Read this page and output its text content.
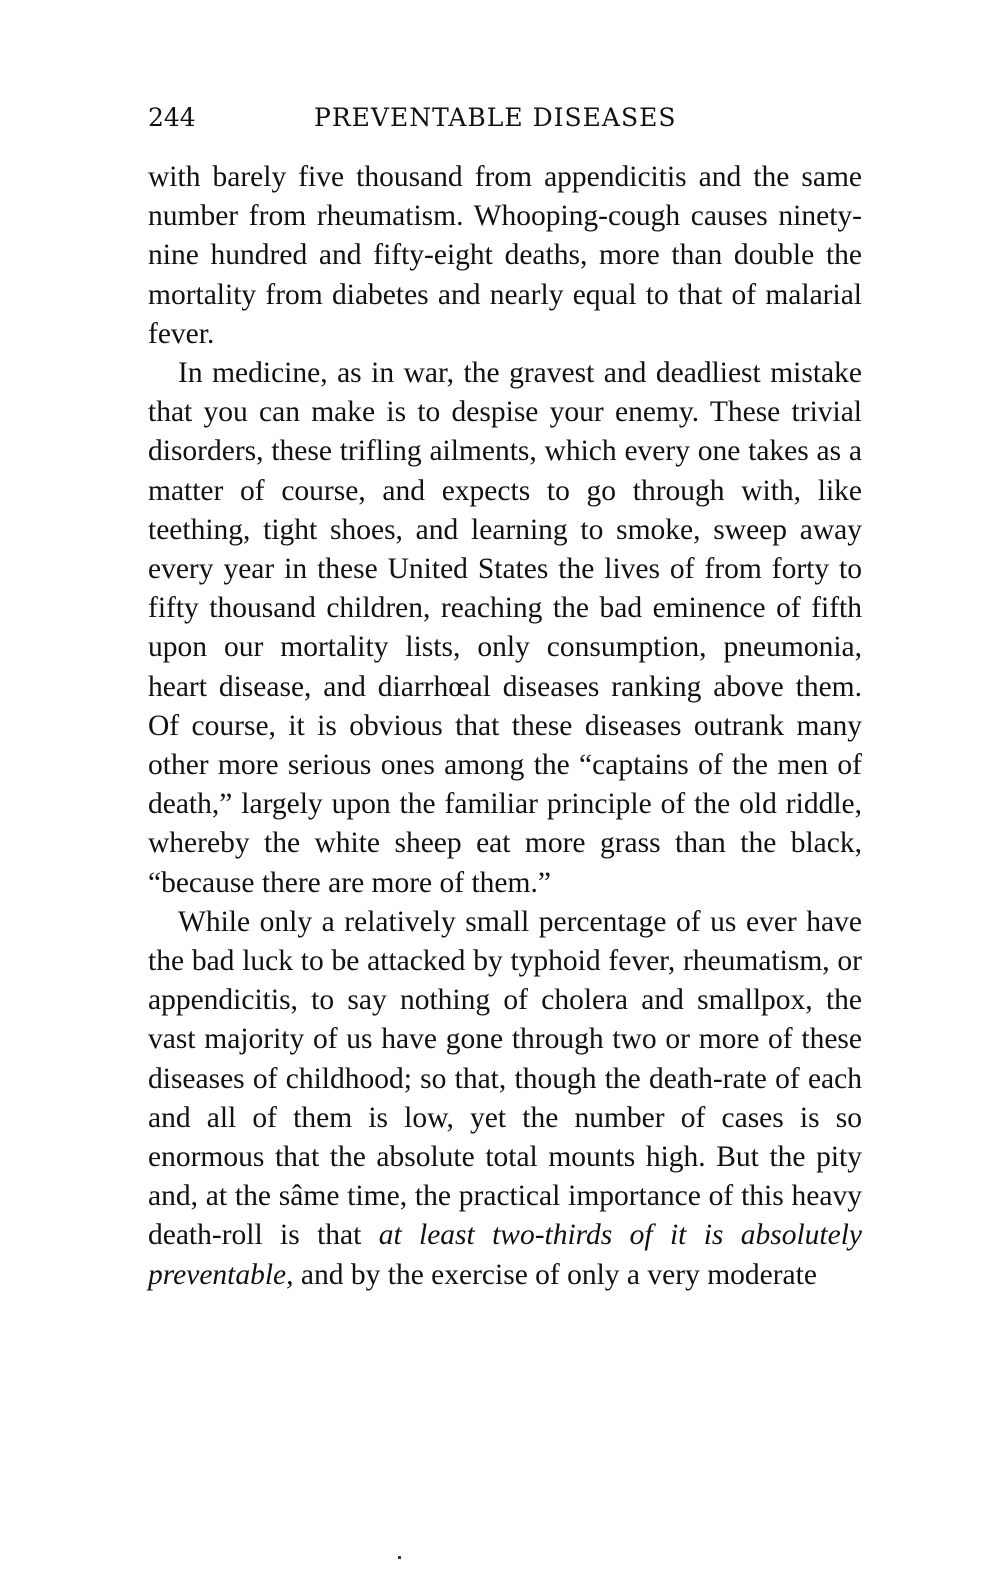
244	PREVENTABLE DISEASES

with barely five thousand from appendicitis and the same number from rheumatism. Whooping-cough causes ninety-nine hundred and fifty-eight deaths, more than double the mortality from diabetes and nearly equal to that of malarial fever.

In medicine, as in war, the gravest and deadliest mistake that you can make is to despise your enemy. These trivial disorders, these trifling ailments, which every one takes as a matter of course, and expects to go through with, like teething, tight shoes, and learning to smoke, sweep away every year in these United States the lives of from forty to fifty thousand children, reaching the bad eminence of fifth upon our mortality lists, only consumption, pneumonia, heart disease, and diarrhœal diseases ranking above them. Of course, it is obvious that these diseases outrank many other more serious ones among the “captains of the men of death,” largely upon the familiar principle of the old riddle, whereby the white sheep eat more grass than the black, “because there are more of them.”

While only a relatively small percentage of us ever have the bad luck to be attacked by typhoid fever, rheumatism, or appendicitis, to say nothing of cholera and smallpox, the vast majority of us have gone through two or more of these diseases of childhood; so that, though the death-rate of each and all of them is low, yet the number of cases is so enormous that the absolute total mounts high. But the pity and, at the sâme time, the practical importance of this heavy death-roll is that at least two-thirds of it is absolutely preventable, and by the exercise of only a very moderate
